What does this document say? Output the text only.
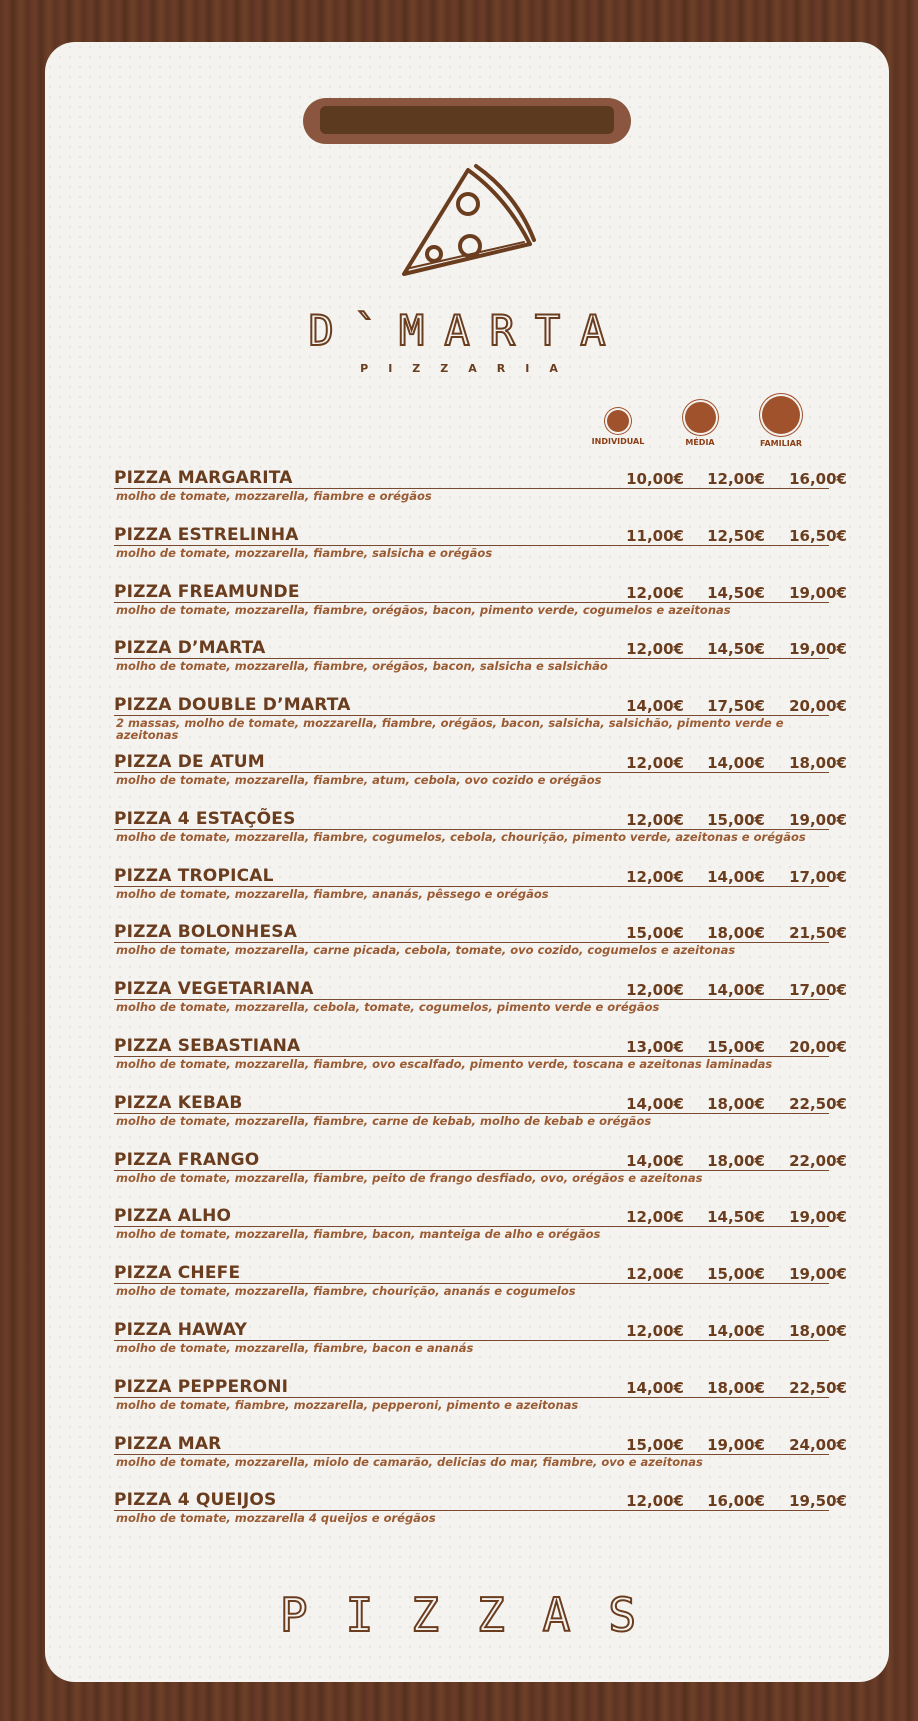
D`MARTA
PIZZARIA
INDIVIDUAL	MÉDIA	FAMILIAR
PIZZA MARGARITA	10,00€	12,00€	16,00€
molho de tomate, mozzarella, fiambre e orégãos
PIZZA ESTRELINHA	11,00€	12,50€	16,50€
molho de tomate, mozzarella, fiambre, salsicha e orégãos
PIZZA FREAMUNDE	12,00€	14,50€	19,00€
molho de tomate, mozzarella, fiambre, orégãos, bacon, pimento verde, cogumelos e azeitonas
PIZZA D’MARTA	12,00€	14,50€	19,00€
molho de tomate, mozzarella, fiambre, orégãos, bacon, salsicha e salsichão
PIZZA DOUBLE D’MARTA	14,00€	17,50€	20,00€
2 massas, molho de tomate, mozzarella, fiambre, orégãos, bacon, salsicha, salsichão, pimento verde e azeitonas
PIZZA DE ATUM	12,00€	14,00€	18,00€
molho de tomate, mozzarella, fiambre, atum, cebola, ovo cozido e orégãos
PIZZA 4 ESTAÇÕES	12,00€	15,00€	19,00€
molho de tomate, mozzarella, fiambre, cogumelos, cebola, chourição, pimento verde, azeitonas e orégãos
PIZZA TROPICAL	12,00€	14,00€	17,00€
molho de tomate, mozzarella, fiambre, ananás, pêssego e orégãos
PIZZA BOLONHESA	15,00€	18,00€	21,50€
molho de tomate, mozzarella, carne picada, cebola, tomate, ovo cozido, cogumelos e azeitonas
PIZZA VEGETARIANA	12,00€	14,00€	17,00€
molho de tomate, mozzarella, cebola, tomate, cogumelos, pimento verde e orégãos
PIZZA SEBASTIANA	13,00€	15,00€	20,00€
molho de tomate, mozzarella, fiambre, ovo escalfado, pimento verde, toscana e azeitonas laminadas
PIZZA KEBAB	14,00€	18,00€	22,50€
molho de tomate, mozzarella, fiambre, carne de kebab, molho de kebab e orégãos
PIZZA FRANGO	14,00€	18,00€	22,00€
molho de tomate, mozzarella, fiambre, peito de frango desfiado, ovo, orégãos e azeitonas
PIZZA ALHO	12,00€	14,50€	19,00€
molho de tomate, mozzarella, fiambre, bacon, manteiga de alho e orégãos
PIZZA CHEFE	12,00€	15,00€	19,00€
molho de tomate, mozzarella, fiambre, chourição, ananás e cogumelos
PIZZA HAWAY	12,00€	14,00€	18,00€
molho de tomate, mozzarella, fiambre, bacon e ananás
PIZZA PEPPERONI	14,00€	18,00€	22,50€
molho de tomate, fiambre, mozzarella, pepperoni, pimento e azeitonas
PIZZA MAR	15,00€	19,00€	24,00€
molho de tomate, mozzarella, miolo de camarão, delicias do mar, fiambre, ovo e azeitonas
PIZZA 4 QUEIJOS	12,00€	16,00€	19,50€
molho de tomate, mozzarella 4 queijos e orégãos
PIZZAS
